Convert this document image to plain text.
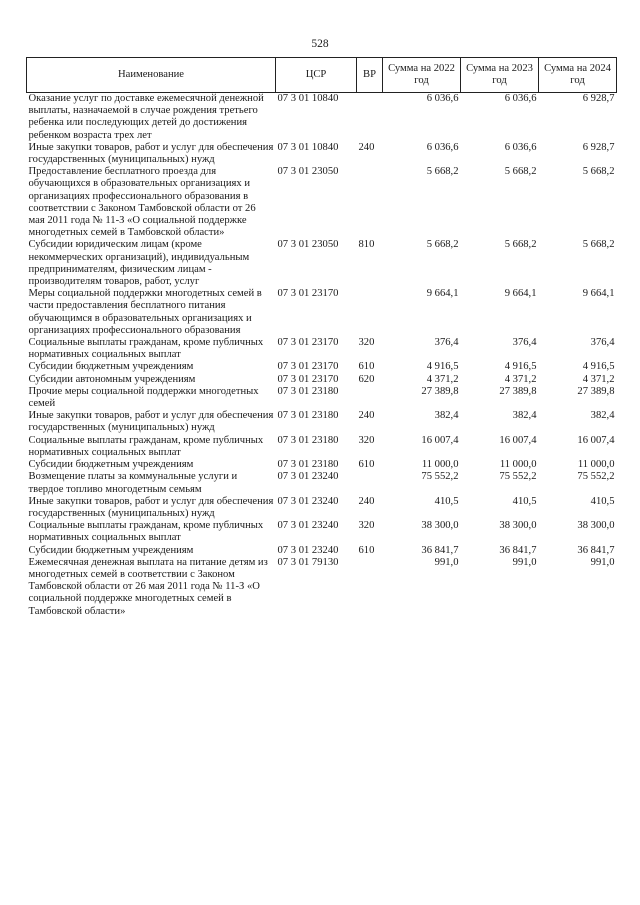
528
Наименование	ЦСР	ВР	Сумма на 2022 год	Сумма на 2023 год	Сумма на 2024 год
Оказание услуг по доставке ежемесячной денежной выплаты, назначаемой в случае рождения третьего ребенка или последующих детей до достижения ребенком возраста трех лет	07 3 01 10840		6 036,6	6 036,6	6 928,7
Иные закупки товаров, работ и услуг для обеспечения государственных (муниципальных) нужд	07 3 01 10840	240	6 036,6	6 036,6	6 928,7
Предоставление бесплатного проезда для обучающихся в образовательных организациях и организациях профессионального образования в соответствии с Законом Тамбовской области от 26 мая 2011 года № 11-З «О социальной поддержке многодетных семей в Тамбовской области»	07 3 01 23050		5 668,2	5 668,2	5 668,2
Субсидии юридическим лицам (кроме некоммерческих организаций), индивидуальным предпринимателям, физическим лицам - производителям товаров, работ, услуг	07 3 01 23050	810	5 668,2	5 668,2	5 668,2
Меры социальной поддержки многодетных семей в части предоставления бесплатного питания обучающимся в образовательных организациях и организациях профессионального образования	07 3 01 23170		9 664,1	9 664,1	9 664,1
Социальные выплаты гражданам, кроме публичных нормативных социальных выплат	07 3 01 23170	320	376,4	376,4	376,4
Субсидии бюджетным учреждениям	07 3 01 23170	610	4 916,5	4 916,5	4 916,5
Субсидии автономным учреждениям	07 3 01 23170	620	4 371,2	4 371,2	4 371,2
Прочие меры социальной поддержки многодетных семей	07 3 01 23180		27 389,8	27 389,8	27 389,8
Иные закупки товаров, работ и услуг для обеспечения государственных (муниципальных) нужд	07 3 01 23180	240	382,4	382,4	382,4
Социальные выплаты гражданам, кроме публичных нормативных социальных выплат	07 3 01 23180	320	16 007,4	16 007,4	16 007,4
Субсидии бюджетным учреждениям	07 3 01 23180	610	11 000,0	11 000,0	11 000,0
Возмещение платы за коммунальные услуги и твердое топливо многодетным семьям	07 3 01 23240		75 552,2	75 552,2	75 552,2
Иные закупки товаров, работ и услуг для обеспечения государственных (муниципальных) нужд	07 3 01 23240	240	410,5	410,5	410,5
Социальные выплаты гражданам, кроме публичных нормативных социальных выплат	07 3 01 23240	320	38 300,0	38 300,0	38 300,0
Субсидии бюджетным учреждениям	07 3 01 23240	610	36 841,7	36 841,7	36 841,7
Ежемесячная денежная выплата на питание детям из многодетных семей в соответствии с Законом Тамбовской области от 26 мая 2011 года № 11-З «О социальной поддержке многодетных семей в Тамбовской области»	07 3 01 79130		991,0	991,0	991,0
